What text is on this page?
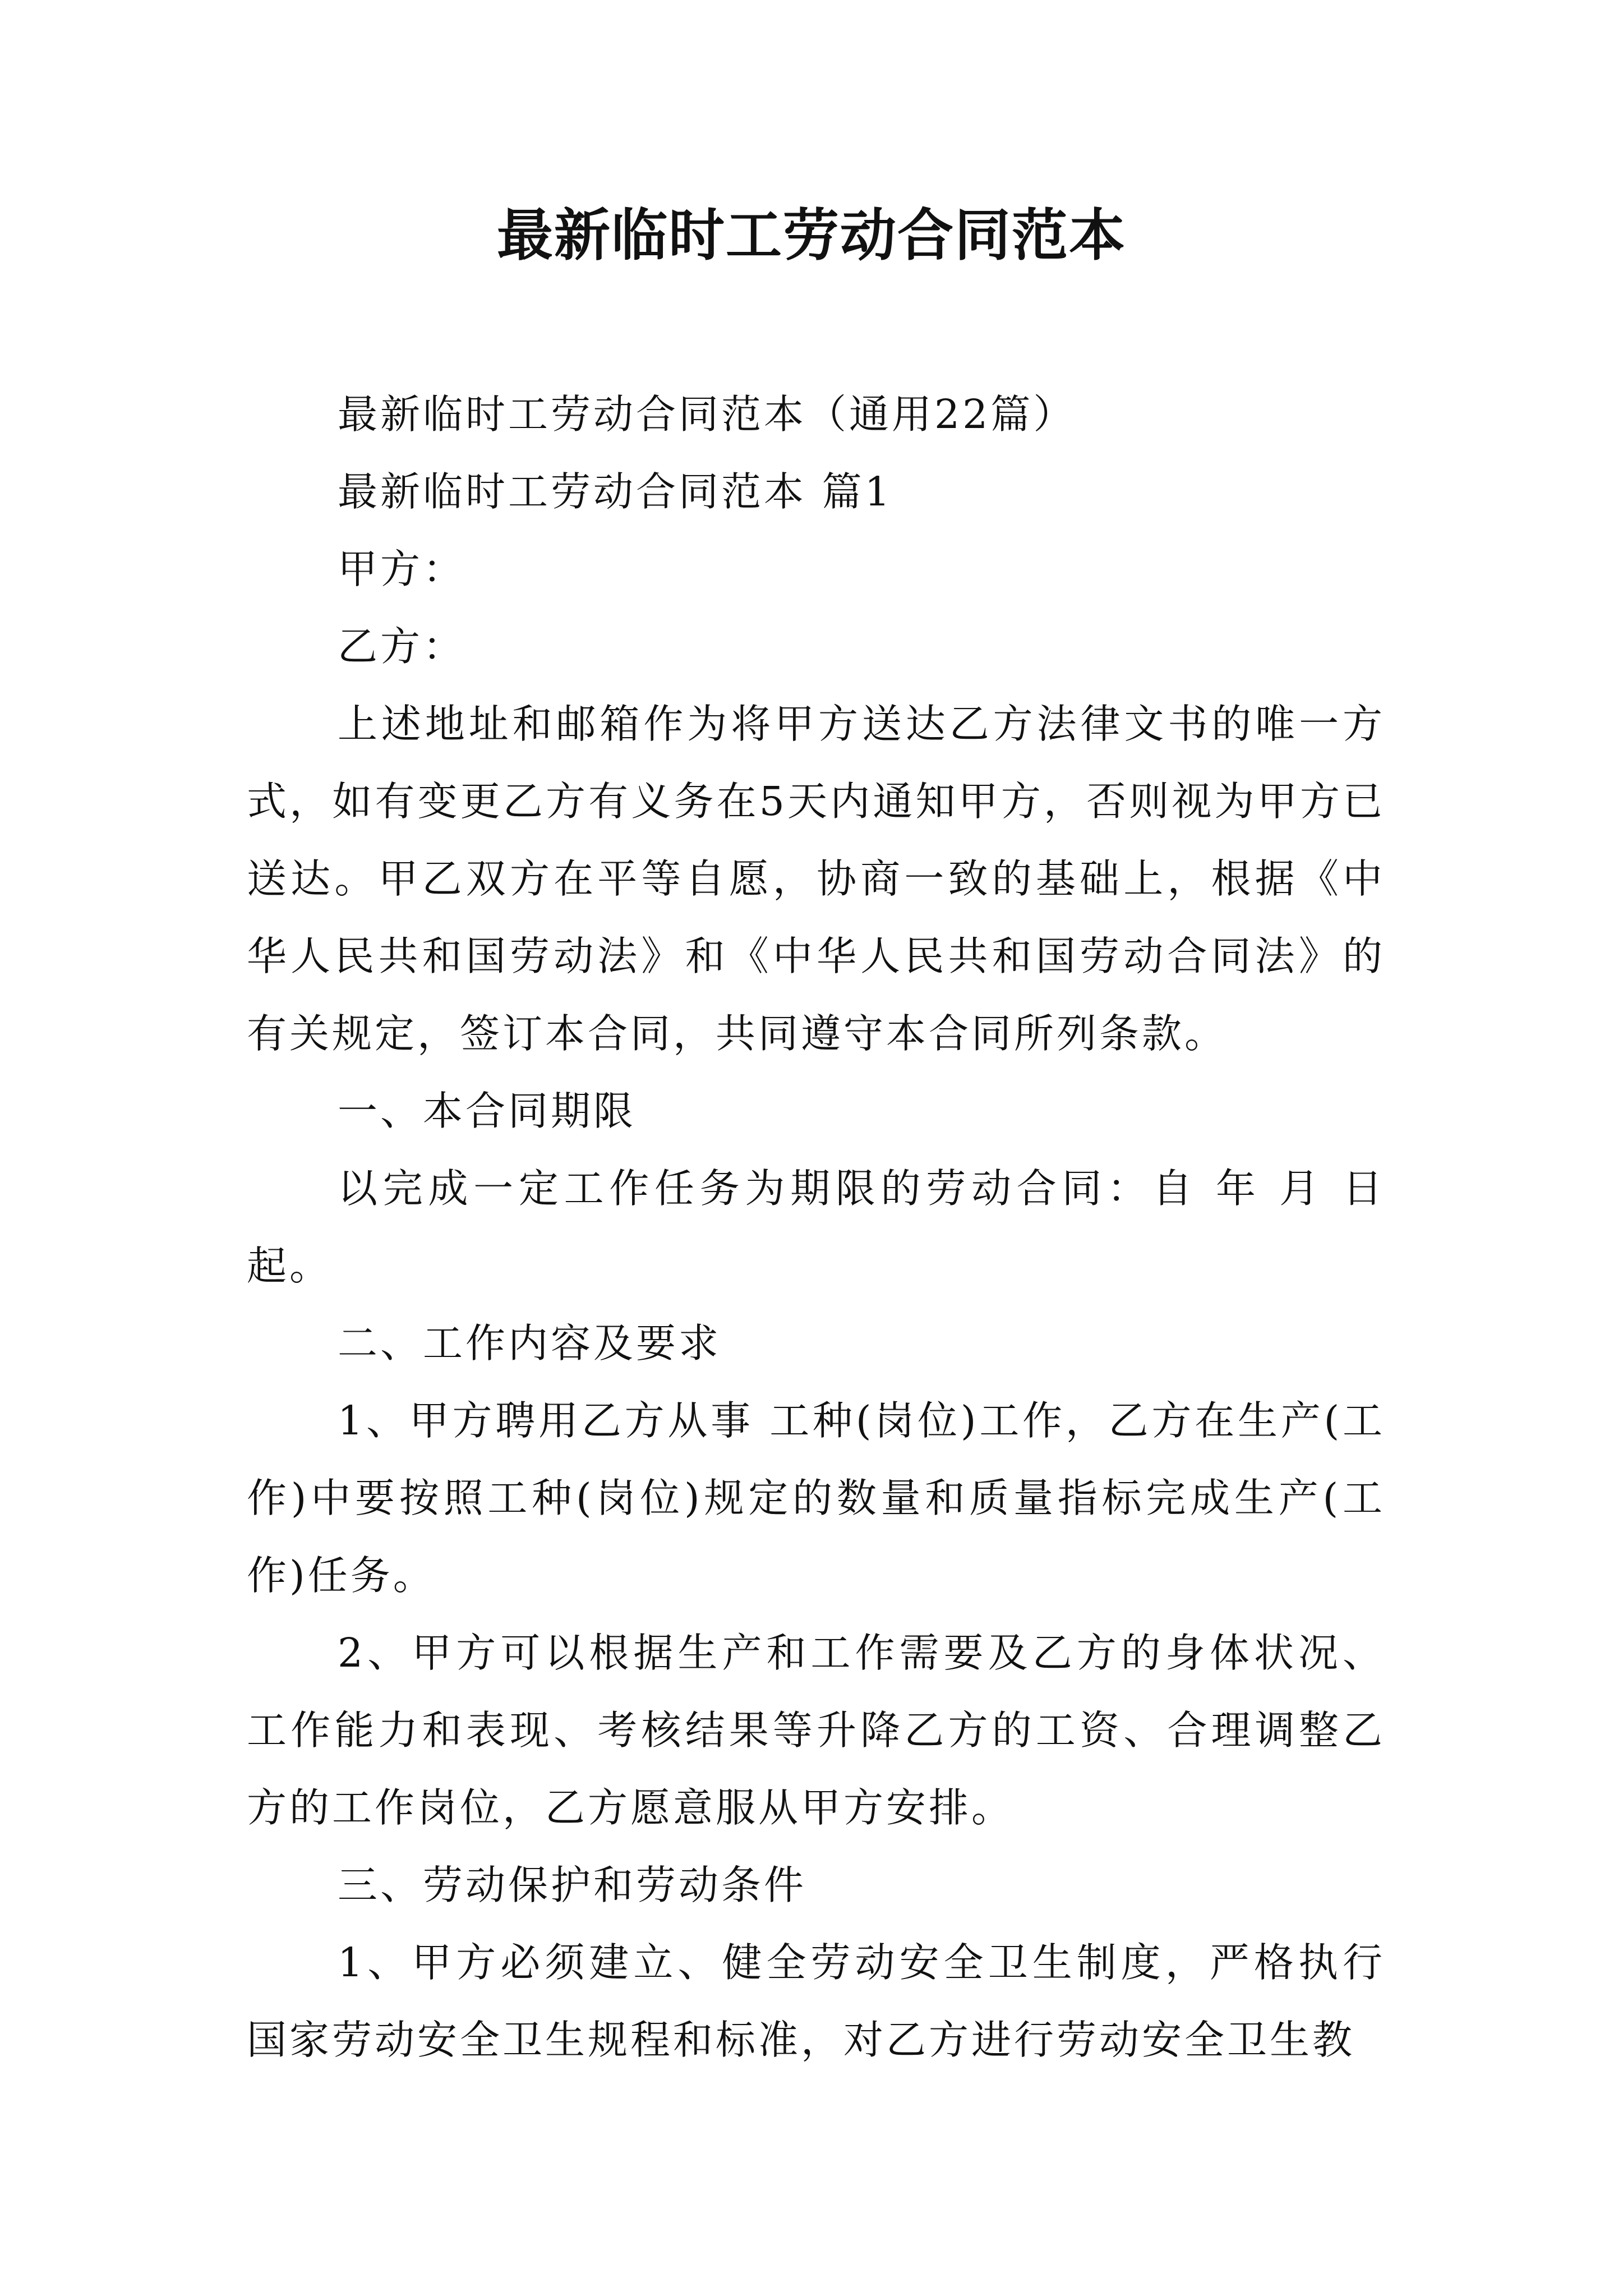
最新临时工劳动合同范本

最新临时工劳动合同范本（通用22篇）

最新临时工劳动合同范本 篇1

甲方：

乙方：

上述地址和邮箱作为将甲方送达乙方法律文书的唯一方式，如有变更乙方有义务在5天内通知甲方，否则视为甲方已送达。甲乙双方在平等自愿，协商一致的基础上，根据《中华人民共和国劳动法》和《中华人民共和国劳动合同法》的有关规定，签订本合同，共同遵守本合同所列条款。

一、本合同期限

以完成一定工作任务为期限的劳动合同：自 年 月 日起。

二、工作内容及要求

1、甲方聘用乙方从事 工种(岗位)工作，乙方在生产(工作)中要按照工种(岗位)规定的数量和质量指标完成生产(工作)任务。

2、甲方可以根据生产和工作需要及乙方的身体状况、工作能力和表现、考核结果等升降乙方的工资、合理调整乙方的工作岗位，乙方愿意服从甲方安排。

三、劳动保护和劳动条件

1、甲方必须建立、健全劳动安全卫生制度，严格执行国家劳动安全卫生规程和标准，对乙方进行劳动安全卫生教
